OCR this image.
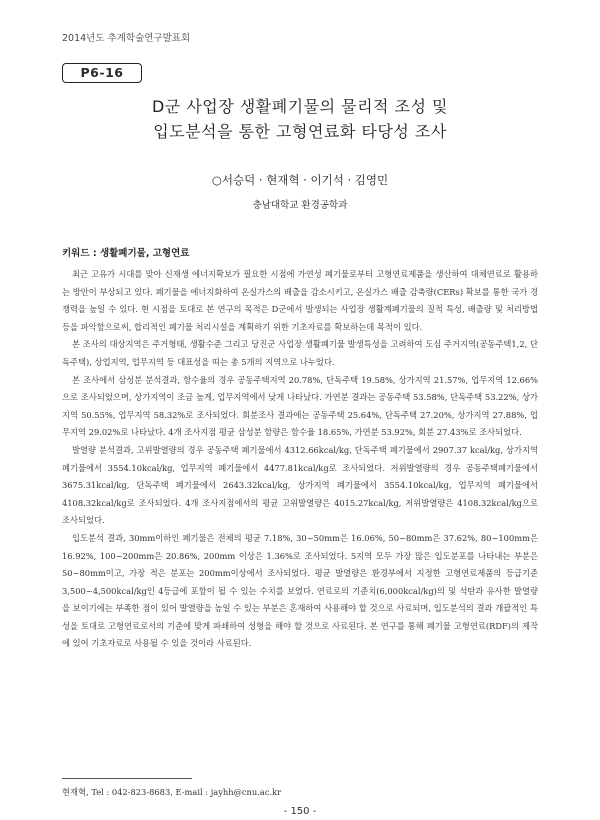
2014년도 추계학술연구발표회
P6-16
D군 사업장 생활폐기물의 물리적 조성 및
입도분석을 통한 고형연료화 타당성 조사
○서승덕 · 현재혁 · 이기석 · 김영민
충남대학교 환경공학과
키워드 : 생활폐기물, 고형연료

최근 고유가 시대를 맞아 신재생 에너지확보가 필요한 시점에 가연성 폐기물로부터 고형연료제품을 생산하여 대체연료로 활용하는 방안이 부상되고 있다. 폐기물을 에너지화하여 온실가스의 배출을 감소시키고, 온실가스 배출 감축량(CERs) 확보를 통한 국가 경쟁력을 높일 수 있다. 현 시점을 토대로 본 연구의 목적은 D군에서 발생되는 사업장 생활계폐기물의 질적 특성, 배출량 및 처리방법 등을 파악함으로써, 합리적인 폐기물 처리시설을 계획하기 위한 기초자료를 확보하는데 목적이 있다.

본 조사의 대상지역은 주거형태, 생활수준 그리고 당진군 사업장 생활폐기물 발생특성을 고려하여 도심 주거지역(공동주택1,2, 단독주택), 상업지역, 업무지역 등 대표성을 띠는 총 5개의 지역으로 나누었다.

본 조사에서 삼성분 분석결과, 함수율의 경우 공동주택지역 20.78%, 단독주택 19.58%, 상가지역 21.57%, 업무지역 12.66%으로 조사되었으며, 상가지역이 조금 높게, 업무지역에서 낮게 나타났다. 가연분 결과는 공동주택 53.58%, 단독주택 53.22%, 상가지역 50.55%, 업무지역 58.32%로 조사되었다. 회분조사 결과에는 공동주택 25.64%, 단독주택 27.20%, 상가지역 27.88%, 업무지역 29.02%로 나타났다. 4개 조사지점 평균 삼성분 함량은 함수율 18.65%, 가연분 53.92%, 회분 27.43%로 조사되었다.

발열량 분석결과, 고위발열량의 경우 공동주택 폐기물에서 4312.66kcal/kg, 단독주택 폐기물에서 2907.37 kcal/kg, 상가지역 폐기물에서 3554.10kcal/kg, 업무지역 폐기물에서 4477.81kcal/kg로 조사되었다. 저위발열량의 경우 공동주택폐기물에서 3675.31kcal/kg, 단독주택 폐기물에서 2643.32kcal/kg, 상가지역 폐기물에서 3554.10kcal/kg, 업무지역 폐기물에서 4108.32kcal/kg로 조사되었다. 4개 조사지점에서의 평균 고위발열량은 4015.27kcal/kg, 저위발열량은 4108.32kcal/kg으로 조사되었다.

입도분석 결과, 30mm이하인 폐기물은 전체의 평균 7.18%, 30~50mm은 16.06%, 50~80mm은 37.62%, 80~100mm은 16.92%, 100~200mm은 20.86%, 200mm 이상은 1.36%로 조사되었다. 5지역 모두 가장 많은 입도분포를 나타내는 부분은 50~80mm이고, 가장 적은 분포는 200mm이상에서 조사되었다. 평균 발열량은 환경부에서 지정한 고형연료제품의 등급기준 3,500~4,500kcal/kg인 4등급에 포함이 될 수 있는 수치를 보였다. 연료로의 기준치(6,000kcal/kg)의 및 석탄과 유사한 발열량을 보이기에는 부족한 점이 있어 발열량을 높일 수 있는 부분은 혼재하여 사용해야 할 것으로 사료되며, 입도분석의 결과 개괄적인 특성을 토대로 고형연료로서의 기준에 맞게 파쇄하여 성형을 해야 할 것으로 사료된다. 본 연구를 통해 폐기물 고형연료(RDF)의 제작에 있어 기초자료로 사용될 수 있을 것이라 사료된다.

현재혁, Tel : 042-823-8683, E-mail : jayhh@cnu.ac.kr
- 150 -
